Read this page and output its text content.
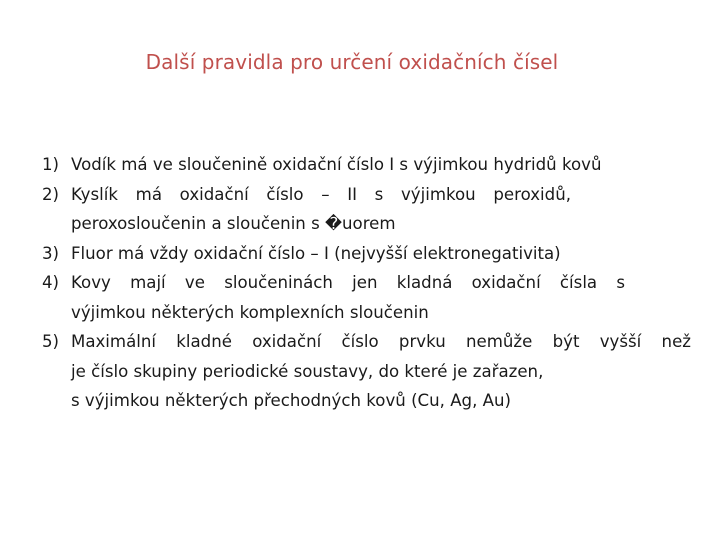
Další pravidla pro určení oxidačních čísel
1) Vodík má ve sloučenině oxidační číslo I s výjimkou hydridů kovů
2) Kyslík má oxidační číslo – II s výjimkou peroxidů,
peroxosloučenin a sloučenin s �uorem
3) Fluor má vždy oxidační číslo – I (nejvyšší elektronegativita)
4) Kovy mají ve sloučeninách jen kladná oxidační čísla s
výjimkou některých komplexních sloučenin
5) Maximální kladné oxidační číslo prvku nemůže být vyšší než
je číslo skupiny periodické soustavy, do které je zařazen,
s výjimkou některých přechodných kovů (Cu, Ag, Au)
